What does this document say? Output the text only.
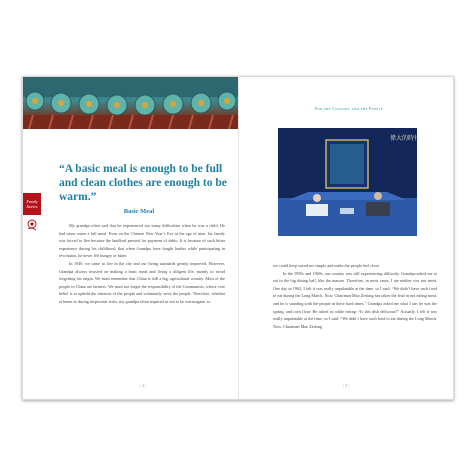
“A basic meal is enough to be full and clean clothes are enough to be warm.”
Family Stories
Basic Meal

My grandpa often said that he experienced too many difficulties when he was a child. He had never eaten a full meal. Even on the Chinese New Year’s Eve at the age of nine, his family was forced to flee because the landlord pressed for payment of debts. It is because of such bitter experience during his childhood, that when Grandpa have fought battles while participating in revolution, he never felt hungry or bitter.

In 1949, we came to live in the city and our living standards greatly improved. However, Grandpa always insisted on making a basic meal and living a diligent life, mainly to avoid forgetting his origin. We must remember that China is still a big, agricultural country. Most of the people in China are farmers. We must not forget the responsibility of the Communists, whose core belief is to uphold the interests of the people and voluntarily serve the people. Therefore, whether at home or during inspection visits, my grandpa often required us not to be extravagant, so

| 4 |
For the Country and the People
偉大的時代

we could keep ourselves simple and make the people feel close.

In the 1950s and 1960s, our country was still experiencing difficulty. Grandpa asked me to eat in the big dining hall, like the masses. Therefore, in most cases, I ate neither rice nor meat. One day in 1962, I felt it was really unpalatable at the time, so I said: “We didn’t have such food to eat during the Long March. Now, Chairman Mao Zedong has taken the lead in not eating meat, and he is standing with the people in these hard times.” Grandpa asked me what I ate; he was the spring, and corn flour. He asked us while eating: “Is this dish delicious?” Actually, I felt it was really unpalatable at the time, so I said: “We didn’t have such food to eat during the Long March. Now, Chairman Mao Zedong

| 5 |
